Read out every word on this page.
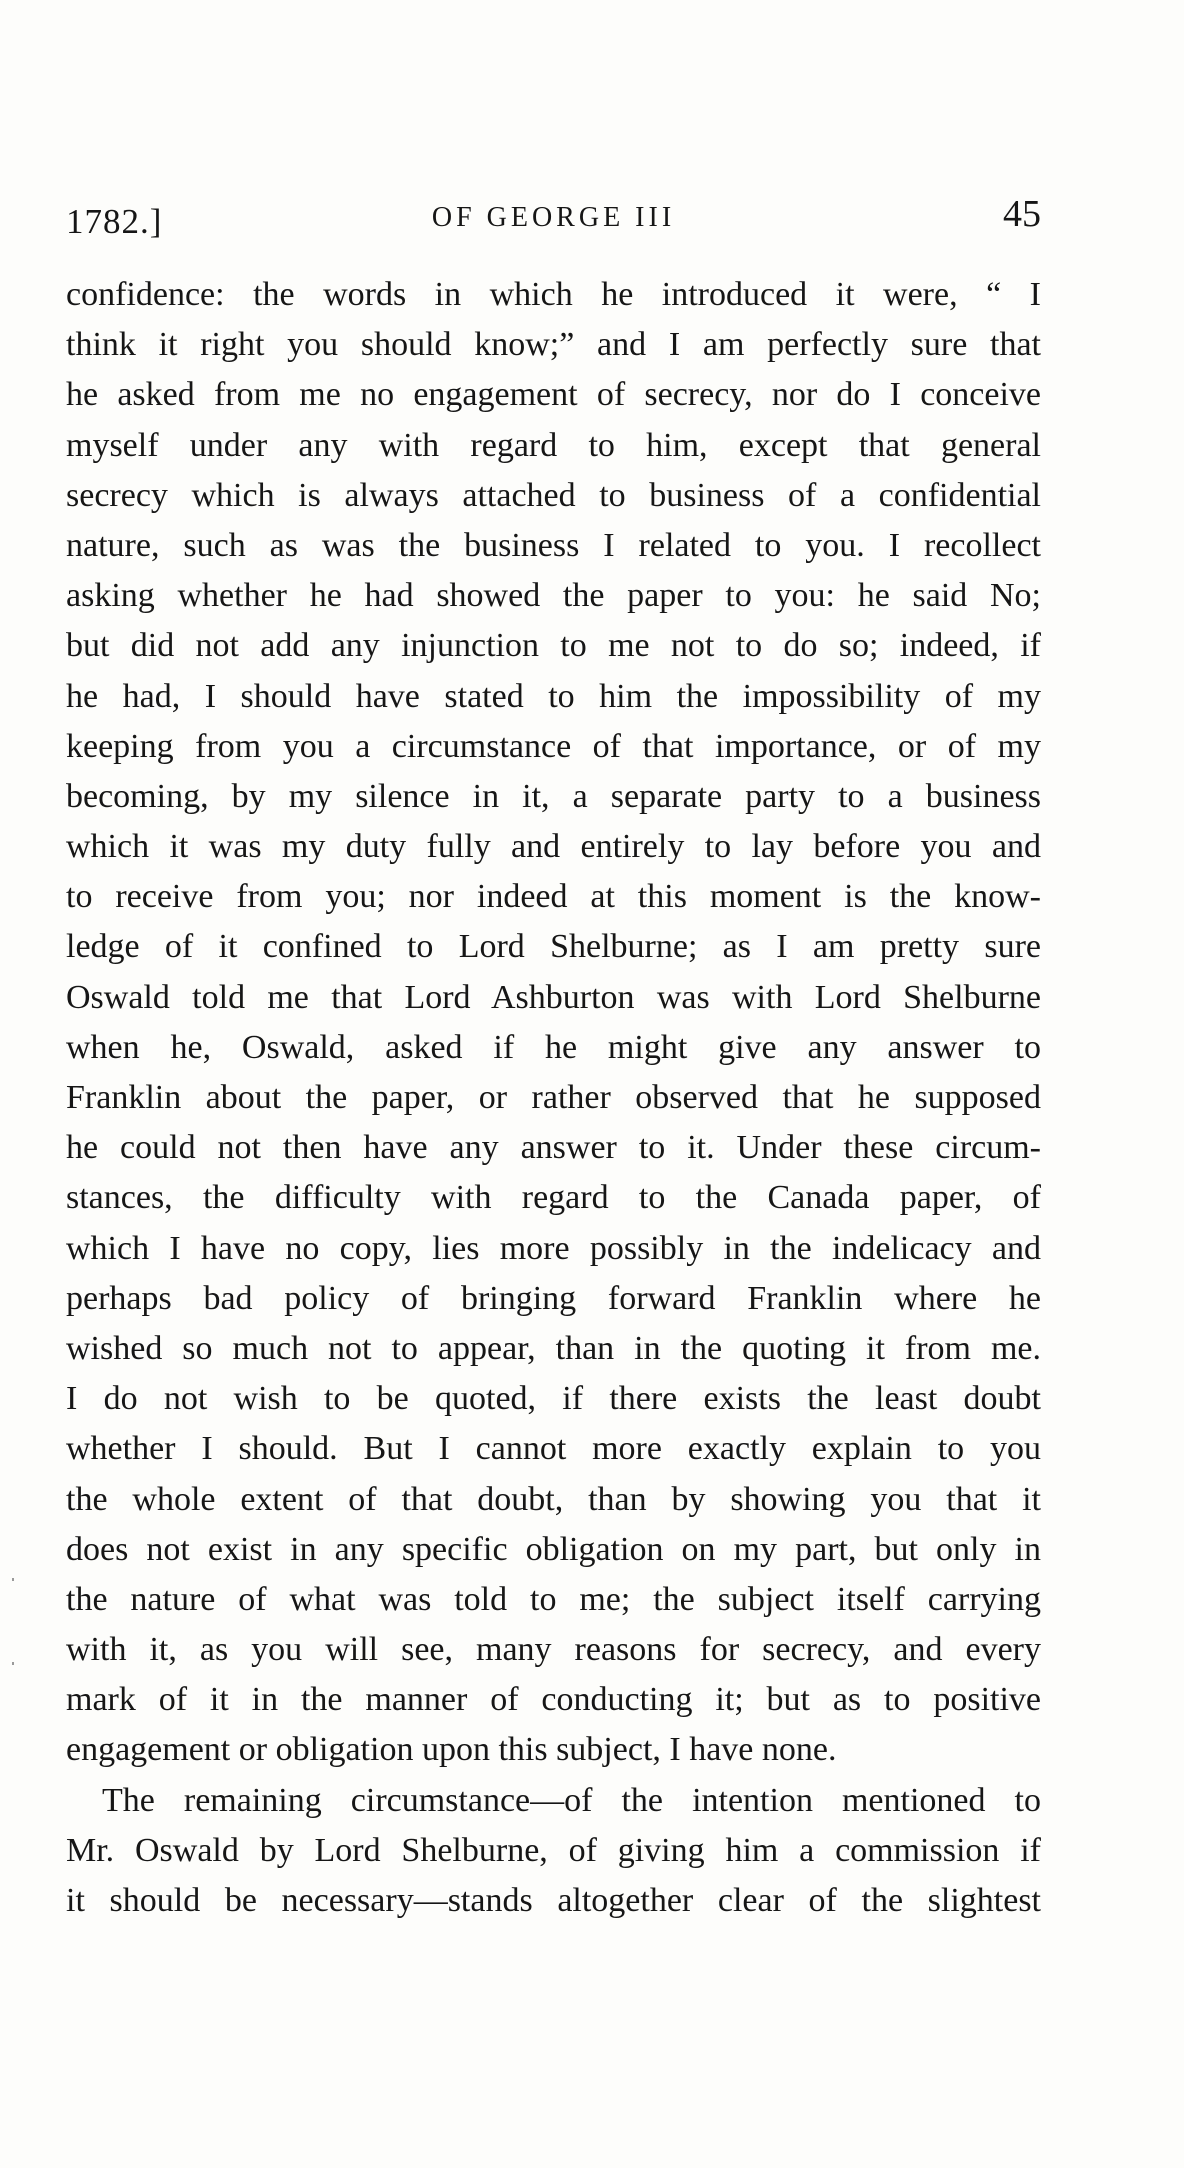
1782.]	OF GEORGE III	45
confidence: the words in which he introduced it were, “ I
think it right you should know;” and I am perfectly sure that
he asked from me no engagement of secrecy, nor do I conceive
myself under any with regard to him, except that general
secrecy which is always attached to business of a confidential
nature, such as was the business I related to you. I recollect
asking whether he had showed the paper to you: he said No;
but did not add any injunction to me not to do so; indeed, if
he had, I should have stated to him the impossibility of my
keeping from you a circumstance of that importance, or of my
becoming, by my silence in it, a separate party to a business
which it was my duty fully and entirely to lay before you and
to receive from you; nor indeed at this moment is the know-
ledge of it confined to Lord Shelburne; as I am pretty sure
Oswald told me that Lord Ashburton was with Lord Shelburne
when he, Oswald, asked if he might give any answer to
Franklin about the paper, or rather observed that he supposed
he could not then have any answer to it. Under these circum-
stances, the difficulty with regard to the Canada paper, of
which I have no copy, lies more possibly in the indelicacy and
perhaps bad policy of bringing forward Franklin where he
wished so much not to appear, than in the quoting it from me.
I do not wish to be quoted, if there exists the least doubt
whether I should. But I cannot more exactly explain to you
the whole extent of that doubt, than by showing you that it
does not exist in any specific obligation on my part, but only in
the nature of what was told to me; the subject itself carrying
with it, as you will see, many reasons for secrecy, and every
mark of it in the manner of conducting it; but as to positive
engagement or obligation upon this subject, I have none.
The remaining circumstance—of the intention mentioned to
Mr. Oswald by Lord Shelburne, of giving him a commission if
it should be necessary—stands altogether clear of the slightest
